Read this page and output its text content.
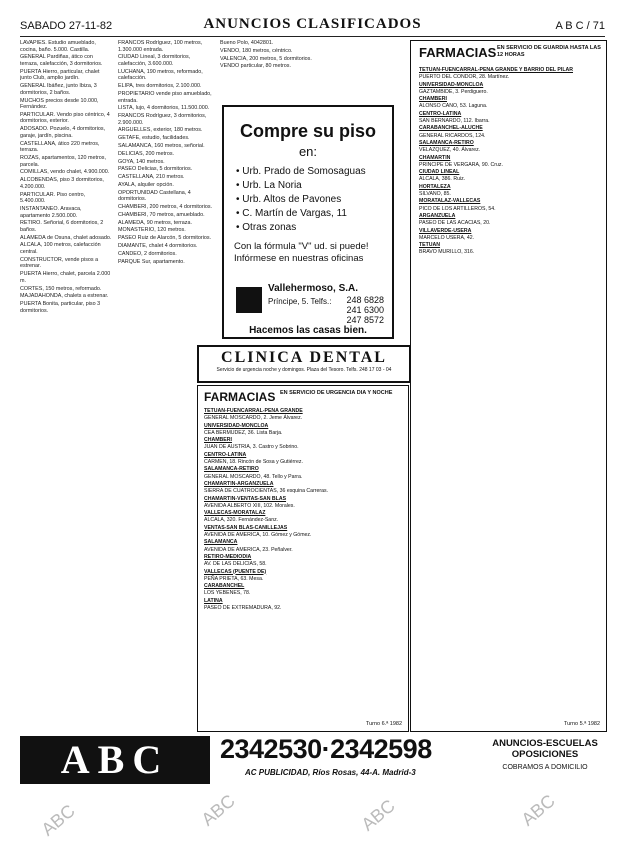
SABADO 27-11-82	ANUNCIOS CLASIFICADOS	A B C / 71

LAVAPIES. Estudio amueblado, cocina, baño. 5.000. Castilla.

GENERAL Pardiñas, ático con terraza, calefacción, 3 dormitorios.

PUERTA Hierro, particular, chalet junto Club, amplio jardín.

GENERAL Ibáñez, junto Ibiza, 3 dormitorios, 2 baños.

MUCHOS precios desde 10.000, Fernández.

PARTICULAR. Vendo piso céntrico, 4 dormitorios, exterior.

ADOSADO. Pozuelo, 4 dormitorios, garaje, jardín, piscina.

CASTELLANA, ático 220 metros, terraza.

ROZAS, apartamentos, 120 metros, parcela.

COMILLAS, vendo chalet, 4.900.000.

ALCOBENDAS, piso 3 dormitorios, 4.200.000.

PARTICULAR. Piso centro, 5.400.000.

INSTANTANEO. Aravaca, apartamento 2.500.000.

RETIRO. Señorial, 6 dormitorios, 2 baños.

ALAMEDA de Osuna, chalet adosado.

ALCALA, 100 metros, calefacción central.

CONSTRUCTOR, vende pisos a estrenar.

PUERTA Hierro, chalet, parcela 2.000 m.

CORTES, 150 metros, reformado.

MAJADAHONDA, chalets a estrenar.

PUERTA Bonita, particular, piso 3 dormitorios.

FRANCOS Rodríguez, 100 metros, 1.300.000 entrada.

CIUDAD Lineal, 3 dormitorios, calefacción, 3.600.000.

LUCHANA, 190 metros, reformado, calefacción.

ELIPA, tres dormitorios, 2.100.000.

PROPIETARIO vende piso amueblado, entrada.

LISTA, lujo, 4 dormitorios, 11.500.000.

FRANCOS Rodríguez, 3 dormitorios, 2.900.000.

ARGUELLES, exterior, 180 metros.

GETAFE, estudio, facilidades.

SALAMANCA, 160 metros, señorial.

DELICIAS, 200 metros.

GOYA, 140 metros.

PASEO Delicias, 5 dormitorios.

CASTELLANA, 210 metros.

AYALA, alquiler opción.

OPORTUNIDAD Castellana, 4 dormitorios.

CHAMBERI, 200 metros, 4 dormitorios.

CHAMBERI, 70 metros, amueblado.

ALAMEDA, 90 metros, terraza.

MONASTERIO, 120 metros.

PASEO Ruiz de Alarcón, 5 dormitorios.

DIAMANTE, chalet 4 dormitorios.

CANDEO, 2 dormitorios.

PARQUE Sur, apartamento.

Bueno Polo, 4042801.

VENDO, 180 metros, céntrico.

VALENCIA, 200 metros, 5 dormitorios.

VENDO particular, 80 metros.

Compre su piso
en:
• Urb. Prado de Somosaguas
• Urb. La Noria
• Urb. Altos de Pavones
• C. Martín de Vargas, 11
• Otras zonas
Con la fórmula "V" ud. si puede! Infórmese en nuestras oficinas
Vallehermoso, S.A.
Príncipe, 5. Telfs.: 248 6828
241 6300
247 8572
Hacemos las casas bien.
CLINICA DENTAL
Servicio de urgencia noche y domingos. Plaza del Tesoro. Telfs. 248 17 03 - 04
FARMACIAS EN SERVICIO DE URGENCIA DIA Y NOCHE

TETUAN-FUENCARRAL-PEÑA GRANDE

GENERAL MOSCARDO, 2. Jeme Álvarez.

UNIVERSIDAD-MONCLOA

CEA BERMUDEZ, 36. Lista Barja.

CHAMBERI

JUAN DE AUSTRIA, 3. Castro y Sobrino.

CENTRO-LATINA

CARMEN, 18. Rincón de Sosa y Gutiérrez.

SALAMANCA-RETIRO

GENERAL MOSCARDO, 48. Tello y Parra.

CHAMARTIN-ARGANZUELA

SIERRA DE CUATROCIENTAS, 36 esquina Carreras.

CHAMARTIN-VENTAS-SAN BLAS

AVENIDA ALBERTO XIII, 102. Morales.

VALLECAS-MORATALAZ

ALCALA, 320. Fernández-Sanz.

VENTAS-SAN BLAS-CANILLEJAS

AVENIDA DE AMERICA, 10. Gómez y Gómez.

SALAMANCA

AVENIDA DE AMERICA, 23. Peñalver.

RETIRO-MEDIODIA

AV. DE LAS DELICIAS, 58.

VALLECAS (PUENTE DE)

PEÑA PRIETA, 63. Mesa.

CARABANCHEL

LOS YEBENES, 78.

LATINA

PASEO DE EXTREMADURA, 92.

Turno 6.ª 1982
FARMACIAS EN SERVICIO DE GUARDIA HASTA LAS 12 HORAS

TETUAN-FUENCARRAL-PEÑA GRANDE Y BARRIO DEL PILAR

PUERTO DEL CONDOR, 28. Martínez.

UNIVERSIDAD-MONCLOA

GAZTAMBIDE, 3. Perdiguero.

CHAMBERI

ALONSO CANO, 53. Laguna.

CENTRO-LATINA

SAN BERNARDO, 112. Ibarra.

CARABANCHEL-ALUCHE

GENERAL RICARDOS, 124.

SALAMANCA-RETIRO

VELAZQUEZ, 40. Álvarez.

CHAMARTIN

PRINCIPE DE VERGARA, 90. Cruz.

CIUDAD LINEAL

ALCALA, 386. Ruiz.

HORTALEZA

SILVANO, 85.

MORATALAZ-VALLECAS

PICO DE LOS ARTILLEROS, 54.

ARGANZUELA

PASEO DE LAS ACACIAS, 20.

VILLAVERDE-USERA

MARCELO USERA, 42.

TETUAN

BRAVO MURILLO, 316.

Turno 5.ª 1982
ABC	2342530·2342598
AC PUBLICIDAD, Ríos Rosas, 44-A. Madrid-3
ANUNCIOS-ESCUELAS OPOSICIONES
COBRAMOS A DOMICILIO
ABC	ABC	ABC	ABC
